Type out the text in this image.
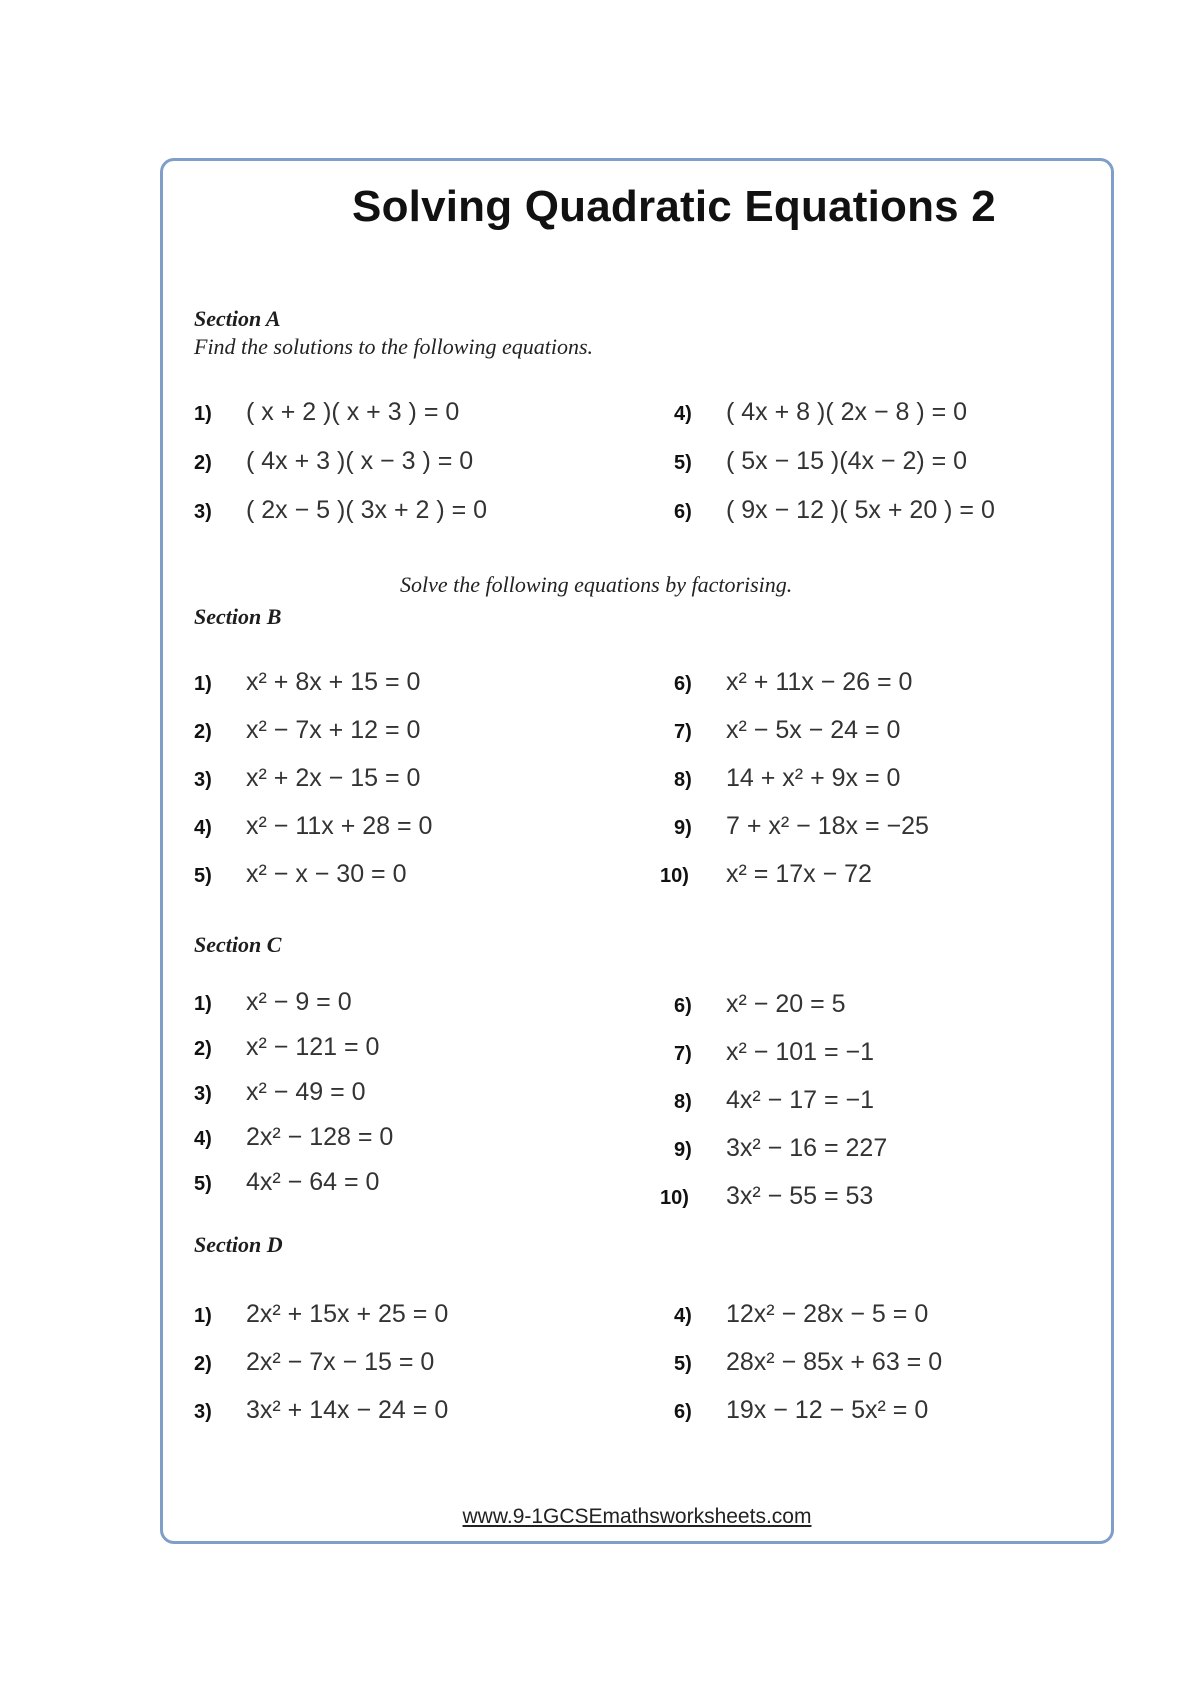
Solving Quadratic Equations 2
Section A
Find the solutions to the following equations.
1) ( x + 2 )( x + 3 ) = 0
2) ( 4x + 3 )( x − 3 ) = 0
3) ( 2x − 5 )( 3x + 2 ) = 0
4) ( 4x + 8 )( 2x − 8 ) = 0
5) ( 5x − 15 )(4x − 2) = 0
6) ( 9x − 12 )( 5x + 20 ) = 0
Solve the following equations by factorising.
Section B
1) x² + 8x + 15 = 0
2) x² − 7x + 12 = 0
3) x² + 2x − 15 = 0
4) x² − 11x + 28 = 0
5) x² − x − 30 = 0
6) x² + 11x − 26 = 0
7) x² − 5x − 24 = 0
8) 14 + x² + 9x = 0
9) 7 + x² − 18x = −25
10) x² = 17x − 72
Section C
1) x² − 9 = 0
2) x² − 121 = 0
3) x² − 49 = 0
4) 2x² − 128 = 0
5) 4x² − 64 = 0
6) x² − 20 = 5
7) x² − 101 = −1
8) 4x² − 17 = −1
9) 3x² − 16 = 227
10) 3x² − 55 = 53
Section D
1) 2x² + 15x + 25 = 0
2) 2x² − 7x − 15 = 0
3) 3x² + 14x − 24 = 0
4) 12x² − 28x − 5 = 0
5) 28x² − 85x + 63 = 0
6) 19x − 12 − 5x² = 0
www.9-1GCSEmathsworksheets.com
